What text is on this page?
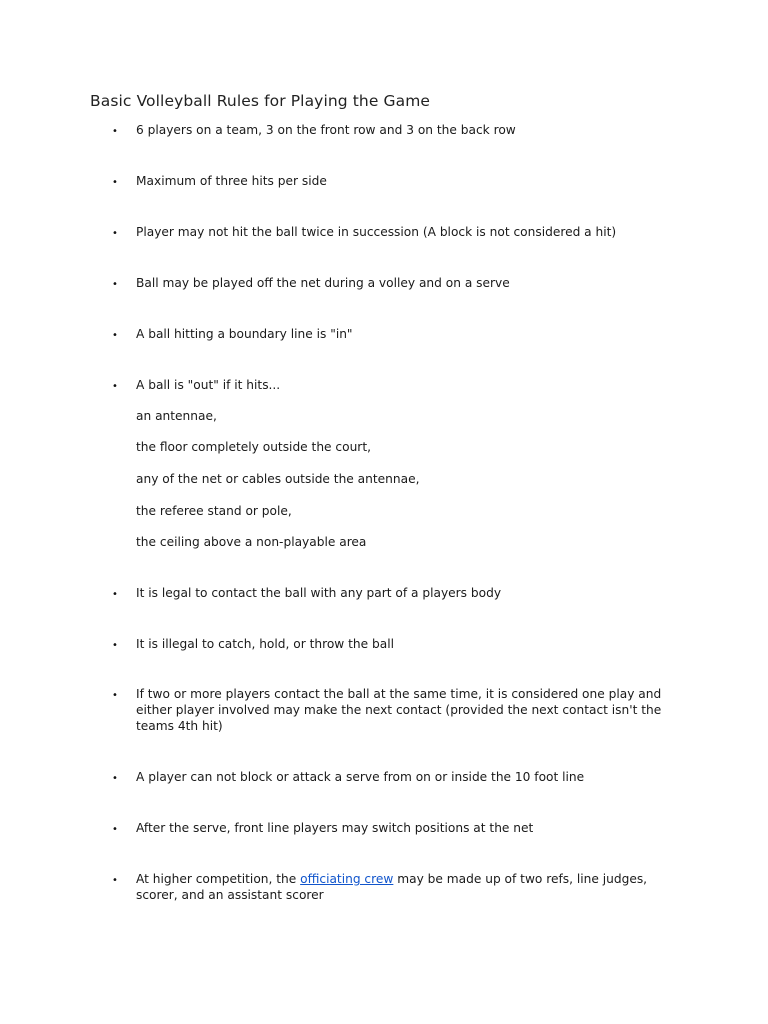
Basic Volleyball Rules for Playing the Game
• 6 players on a team, 3 on the front row and 3 on the back row
• Maximum of three hits per side
• Player may not hit the ball twice in succession (A block is not considered a hit)
• Ball may be played off the net during a volley and on a serve
• A ball hitting a boundary line is "in"
• A ball is "out" if it hits...
an antennae,
the floor completely outside the court,
any of the net or cables outside the antennae,
the referee stand or pole,
the ceiling above a non-playable area
• It is legal to contact the ball with any part of a players body
• It is illegal to catch, hold, or throw the ball
• If two or more players contact the ball at the same time, it is considered one play and either player involved may make the next contact (provided the next contact isn't the teams 4th hit)
• A player can not block or attack a serve from on or inside the 10 foot line
• After the serve, front line players may switch positions at the net
• At higher competition, the officiating crew may be made up of two refs, line judges, scorer, and an assistant scorer
